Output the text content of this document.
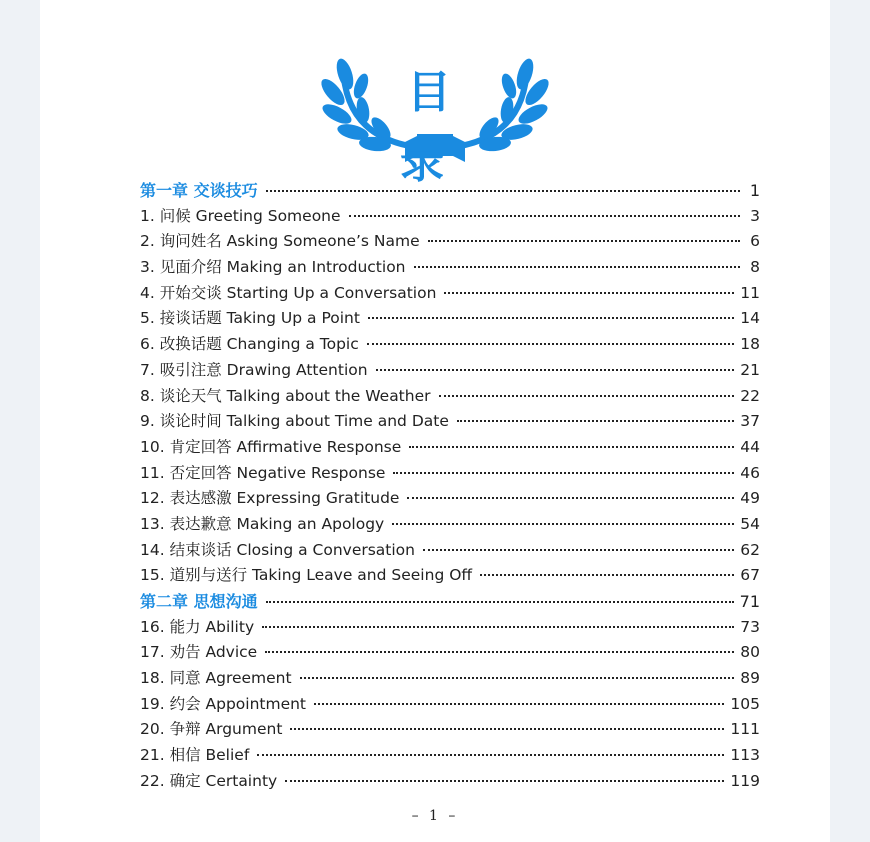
目 录
第一章 交谈技巧	1
1. 问候 Greeting Someone	3
2. 询问姓名 Asking Someone’s Name	6
3. 见面介绍 Making an Introduction	8
4. 开始交谈 Starting Up a Conversation	11
5. 接谈话题 Taking Up a Point	14
6. 改换话题 Changing a Topic	18
7. 吸引注意 Drawing Attention	21
8. 谈论天气 Talking about the Weather	22
9. 谈论时间 Talking about Time and Date	37
10. 肯定回答 Affirmative Response	44
11. 否定回答 Negative Response	46
12. 表达感激 Expressing Gratitude	49
13. 表达歉意 Making an Apology	54
14. 结束谈话 Closing a Conversation	62
15. 道别与送行 Taking Leave and Seeing Off	67
第二章 思想沟通	71
16. 能力 Ability	73
17. 劝告 Advice	80
18. 同意 Agreement	89
19. 约会 Appointment	105
20. 争辩 Argument	111
21. 相信 Belief	113
22. 确定 Certainty	119
– 1 –
